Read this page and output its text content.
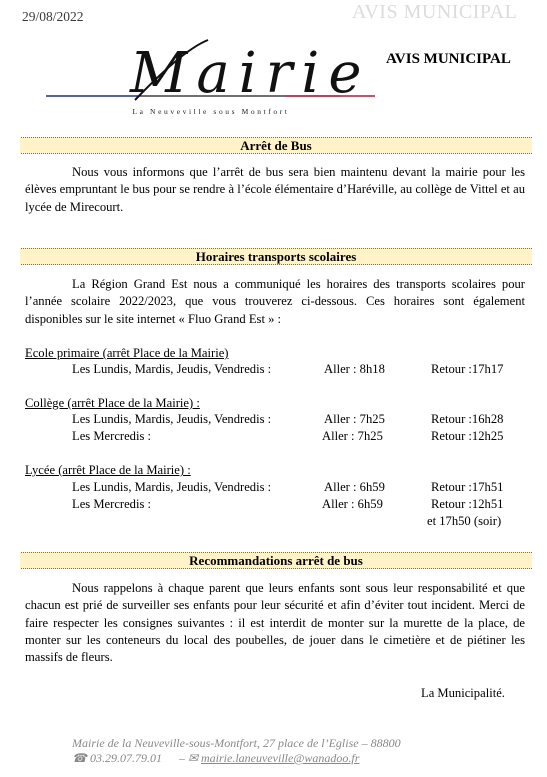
29/08/2022	AVIS MUNICIPAL
Mairie
La Neuveville sous Montfort
AVIS MUNICIPAL
Arrêt de Bus
Nous vous informons que l’arrêt de bus sera bien maintenu devant la mairie pour les élèves empruntant le bus pour se rendre à l’école élémentaire d’Haréville, au collège de Vittel et au lycée de Mirecourt.
Horaires transports scolaires
La Région Grand Est nous a communiqué les horaires des transports scolaires pour l’année scolaire 2022/2023, que vous trouverez ci-dessous. Ces horaires sont également disponibles sur le site internet « Fluo Grand Est » :
Ecole primaire (arrêt Place de la Mairie)
Les Lundis, Mardis, Jeudis, Vendredis :	Aller : 8h18	Retour :17h17
Collège (arrêt Place de la Mairie) :
Les Lundis, Mardis, Jeudis, Vendredis :	Aller : 7h25	Retour :16h28
Les Mercredis :	Aller : 7h25	Retour :12h25
Lycée (arrêt Place de la Mairie) :
Les Lundis, Mardis, Jeudis, Vendredis :	Aller : 6h59	Retour :17h51
Les Mercredis :	Aller : 6h59	Retour :12h51
et 17h50 (soir)
Recommandations arrêt de bus
Nous rappelons à chaque parent que leurs enfants sont sous leur responsabilité et que chacun est prié de surveiller ses enfants pour leur sécurité et afin d’éviter tout incident. Merci de faire respecter les consignes suivantes : il est interdit de monter sur la murette de la place, de monter sur les conteneurs du local des poubelles, de jouer dans le cimetière et de piétiner les massifs de fleurs.
La Municipalité.
Mairie de la Neuveville-sous-Montfort, 27 place de l’Eglise – 88800
☎ 03.29.07.79.01 – ✉ mairie.laneuveville@wanadoo.fr
